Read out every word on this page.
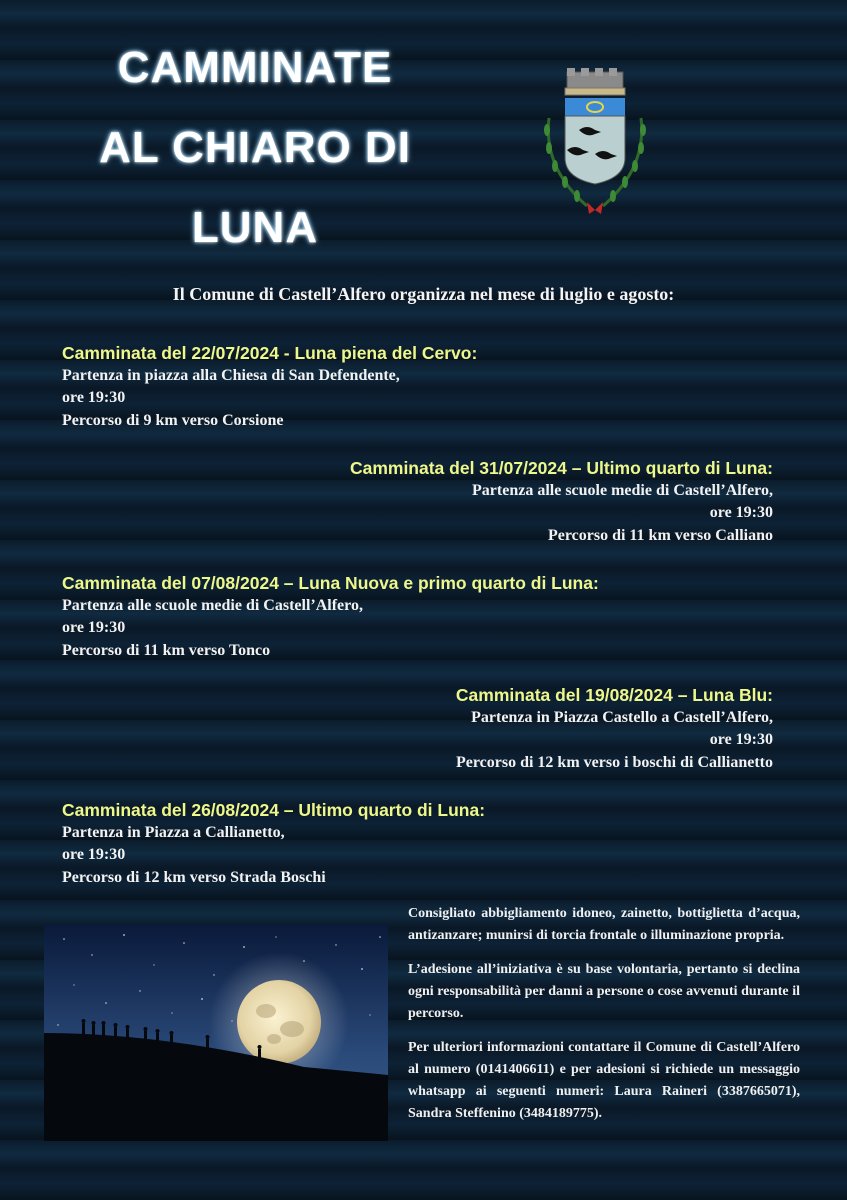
CAMMINATE
AL CHIARO DI
LUNA
Il Comune di Castell’Alfero organizza nel mese di luglio e agosto:
Camminata del 22/07/2024 - Luna piena del Cervo:
Partenza in piazza alla Chiesa di San Defendente,
ore 19:30
Percorso di 9 km verso Corsione
Camminata del 31/07/2024 – Ultimo quarto di Luna:
Partenza alle scuole medie di Castell’Alfero,
ore 19:30
Percorso di 11 km verso Calliano
Camminata del 07/08/2024 – Luna Nuova e primo quarto di Luna:
Partenza alle scuole medie di Castell’Alfero,
ore 19:30
Percorso di 11 km verso Tonco
Camminata del 19/08/2024 – Luna Blu:
Partenza in Piazza Castello a Castell’Alfero,
ore 19:30
Percorso di 12 km verso i boschi di Callianetto
Camminata del 26/08/2024 – Ultimo quarto di Luna:
Partenza in Piazza a Callianetto,
ore 19:30
Percorso di 12 km verso Strada Boschi

Consigliato abbigliamento idoneo, zainetto, bottiglietta d’acqua, antizanzare; munirsi di torcia frontale o illuminazione propria.

L’adesione all’iniziativa è su base volontaria, pertanto si declina ogni responsabilità per danni a persone o cose avvenuti durante il percorso.

Per ulteriori informazioni contattare il Comune di Castell’Alfero al numero (0141406611) e per adesioni si richiede un messaggio whatsapp ai seguenti numeri: Laura Raineri (3387665071), Sandra Steffenino (3484189775).
